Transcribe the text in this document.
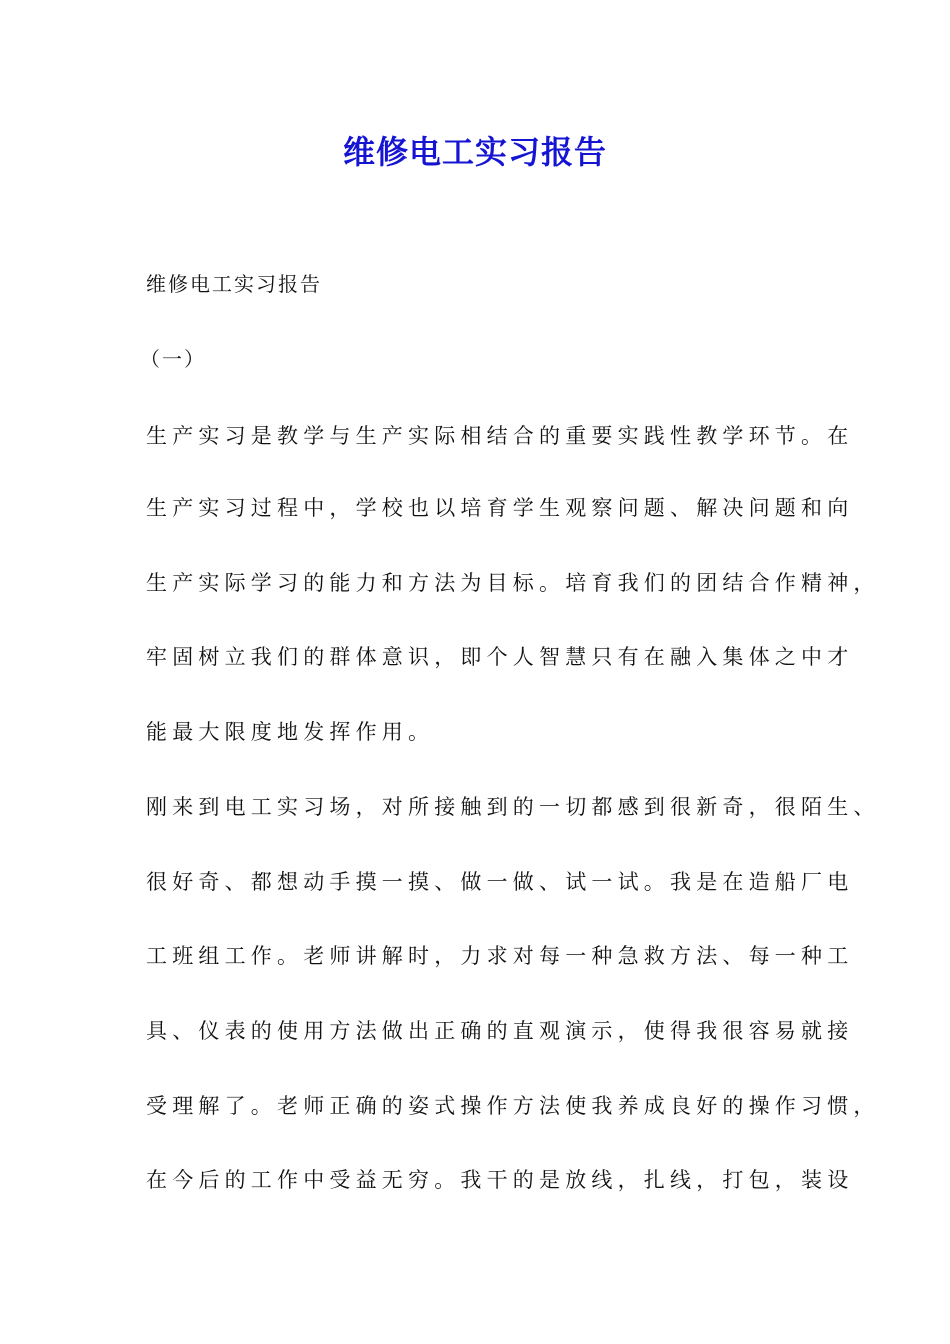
维修电工实习报告
维修电工实习报告
（一）
生产实习是教学与生产实际相结合的重要实践性教学环节。在
生产实习过程中，学校也以培育学生观察问题、解决问题和向
生产实际学习的能力和方法为目标。培育我们的团结合作精神，
牢固树立我们的群体意识，即个人智慧只有在融入集体之中才
能最大限度地发挥作用。
刚来到电工实习场，对所接触到的一切都感到很新奇，很陌生、
很好奇、都想动手摸一摸、做一做、试一试。我是在造船厂电
工班组工作。老师讲解时，力求对每一种急救方法、每一种工
具、仪表的使用方法做出正确的直观演示，使得我很容易就接
受理解了。老师正确的姿式操作方法使我养成良好的操作习惯，
在今后的工作中受益无穷。我干的是放线，扎线，打包，装设
